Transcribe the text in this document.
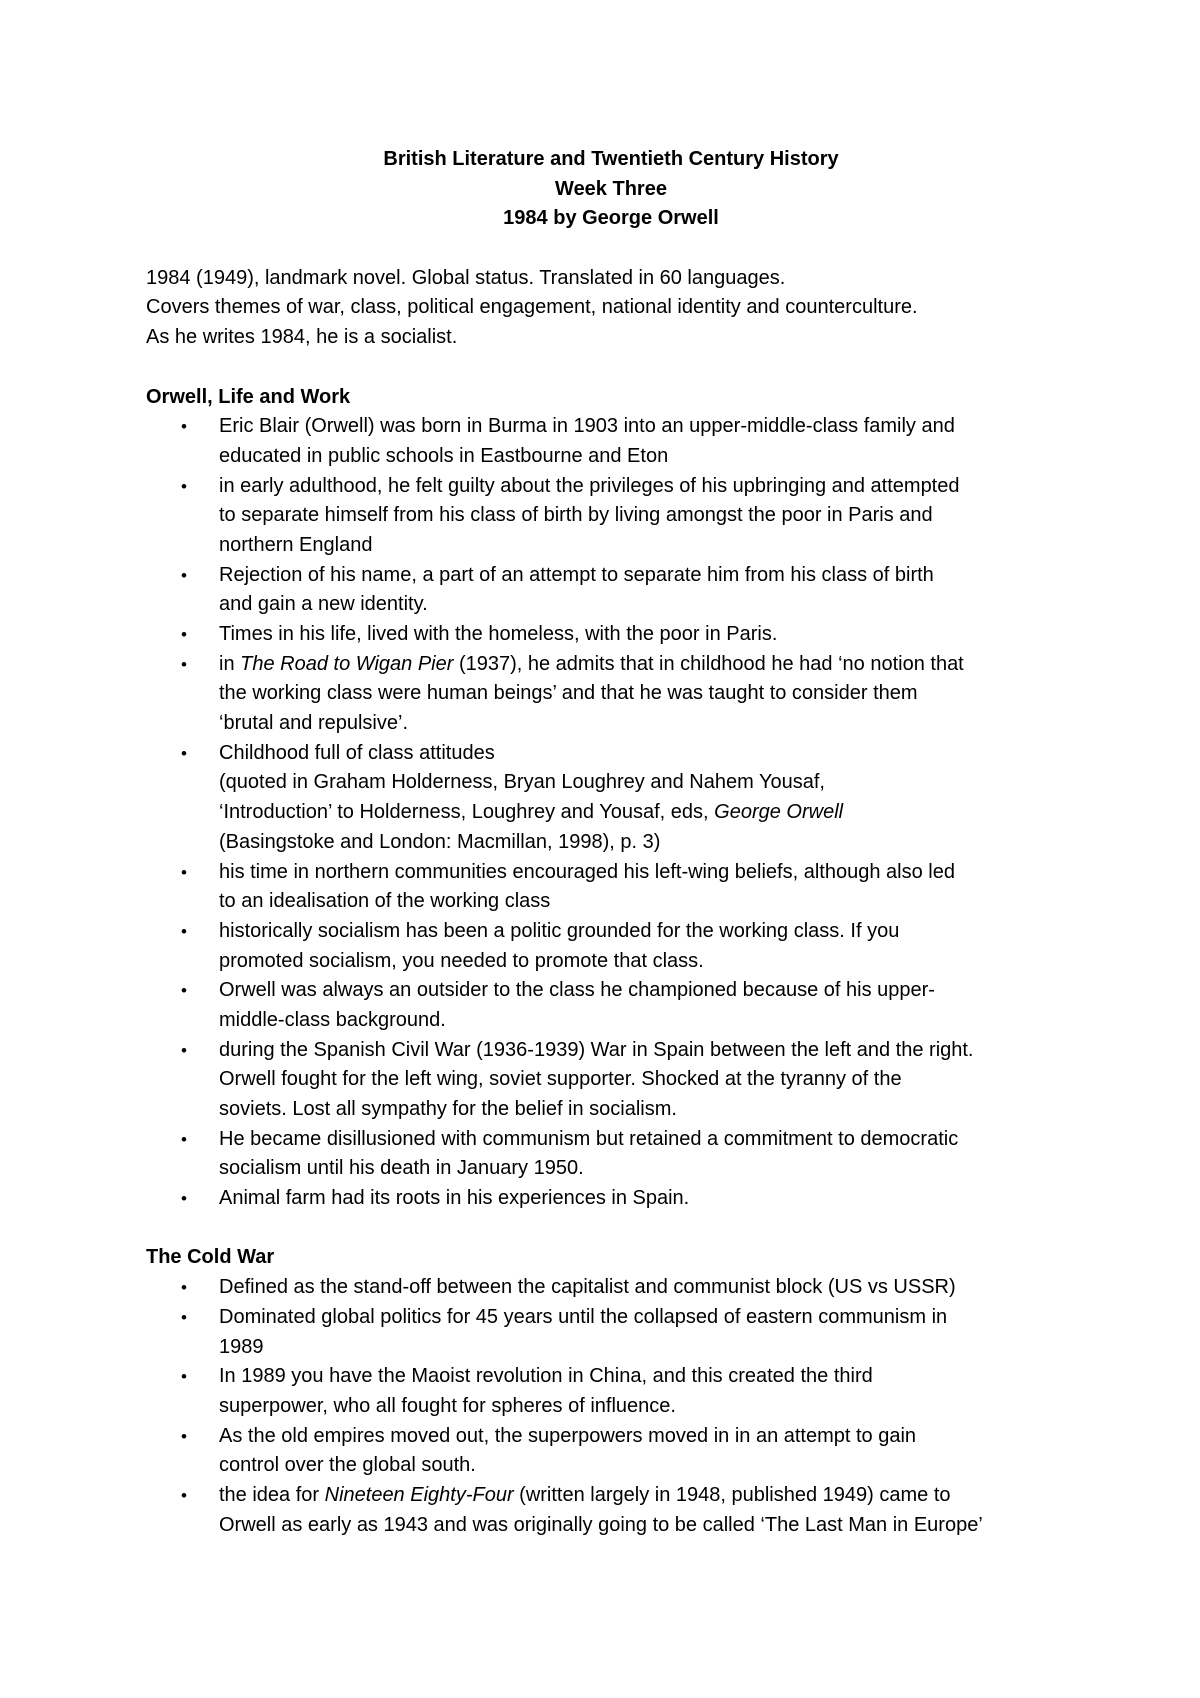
British Literature and Twentieth Century History
Week Three
1984 by George Orwell
1984 (1949), landmark novel. Global status. Translated in 60 languages.
Covers themes of war, class, political engagement, national identity and counterculture.
As he writes 1984, he is a socialist.
Orwell, Life and Work
•	Eric Blair (Orwell) was born in Burma in 1903 into an upper-middle-class family and
educated in public schools in Eastbourne and Eton
•	in early adulthood, he felt guilty about the privileges of his upbringing and attempted
to separate himself from his class of birth by living amongst the poor in Paris and
northern England
•	Rejection of his name, a part of an attempt to separate him from his class of birth
and gain a new identity.
•	Times in his life, lived with the homeless, with the poor in Paris.
•	in The Road to Wigan Pier (1937), he admits that in childhood he had ‘no notion that
the working class were human beings’ and that he was taught to consider them
‘brutal and repulsive’.
•	Childhood full of class attitudes
(quoted in Graham Holderness, Bryan Loughrey and Nahem Yousaf,
‘Introduction’ to Holderness, Loughrey and Yousaf, eds, George Orwell
(Basingstoke and London: Macmillan, 1998), p. 3)
•	his time in northern communities encouraged his left-wing beliefs, although also led
to an idealisation of the working class
•	historically socialism has been a politic grounded for the working class. If you
promoted socialism, you needed to promote that class.
•	Orwell was always an outsider to the class he championed because of his upper-
middle-class background.
•	during the Spanish Civil War (1936-1939) War in Spain between the left and the right.
Orwell fought for the left wing, soviet supporter. Shocked at the tyranny of the
soviets. Lost all sympathy for the belief in socialism.
•	He became disillusioned with communism but retained a commitment to democratic
socialism until his death in January 1950.
•	Animal farm had its roots in his experiences in Spain.
The Cold War
•	Defined as the stand-off between the capitalist and communist block (US vs USSR)
•	Dominated global politics for 45 years until the collapsed of eastern communism in
1989
•	In 1989 you have the Maoist revolution in China, and this created the third
superpower, who all fought for spheres of influence.
•	As the old empires moved out, the superpowers moved in in an attempt to gain
control over the global south.
•	the idea for Nineteen Eighty-Four (written largely in 1948, published 1949) came to
Orwell as early as 1943 and was originally going to be called ‘The Last Man in Europe’
